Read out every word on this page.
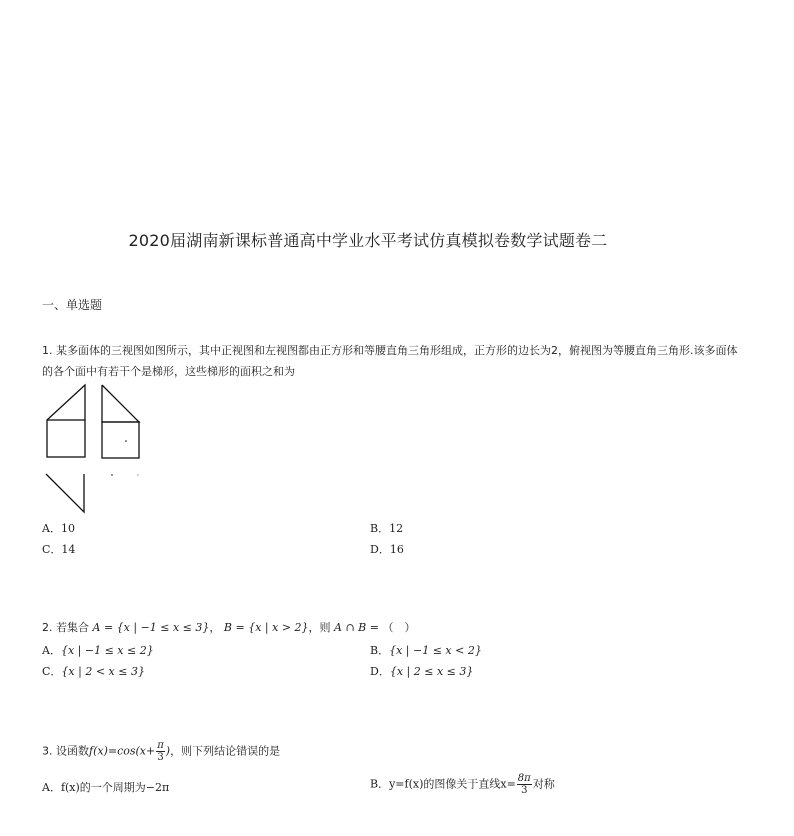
2020届湖南新课标普通高中学业水平考试仿真模拟卷数学试题卷二
一、单选题
1. 某多面体的三视图如图所示，其中正视图和左视图都由正方形和等腰直角三角形组成，正方形的边长为2，俯视图为等腰直角三角形.该多面体
的各个面中有若干个是梯形，这些梯形的面积之和为
A．10	B．12
C．14	D．16
2. 若集合 A = {x | −1 ≤ x ≤ 3}， B = {x | x > 2}，则 A ∩ B = （　）
A．{x | −1 ≤ x ≤ 2}	B．{x | −1 ≤ x < 2}
C．{x | 2 < x ≤ 3}	D．{x | 2 ≤ x ≤ 3}
3. 设函数$f(x)=\cos(x+ \frac{\pi}{3}$ )，则下列结论错误的是
A．f(x)的一个周期为−2π	B．y=f(x)的图像关于直线$x= \frac{8\pi}{3}$ 对称
